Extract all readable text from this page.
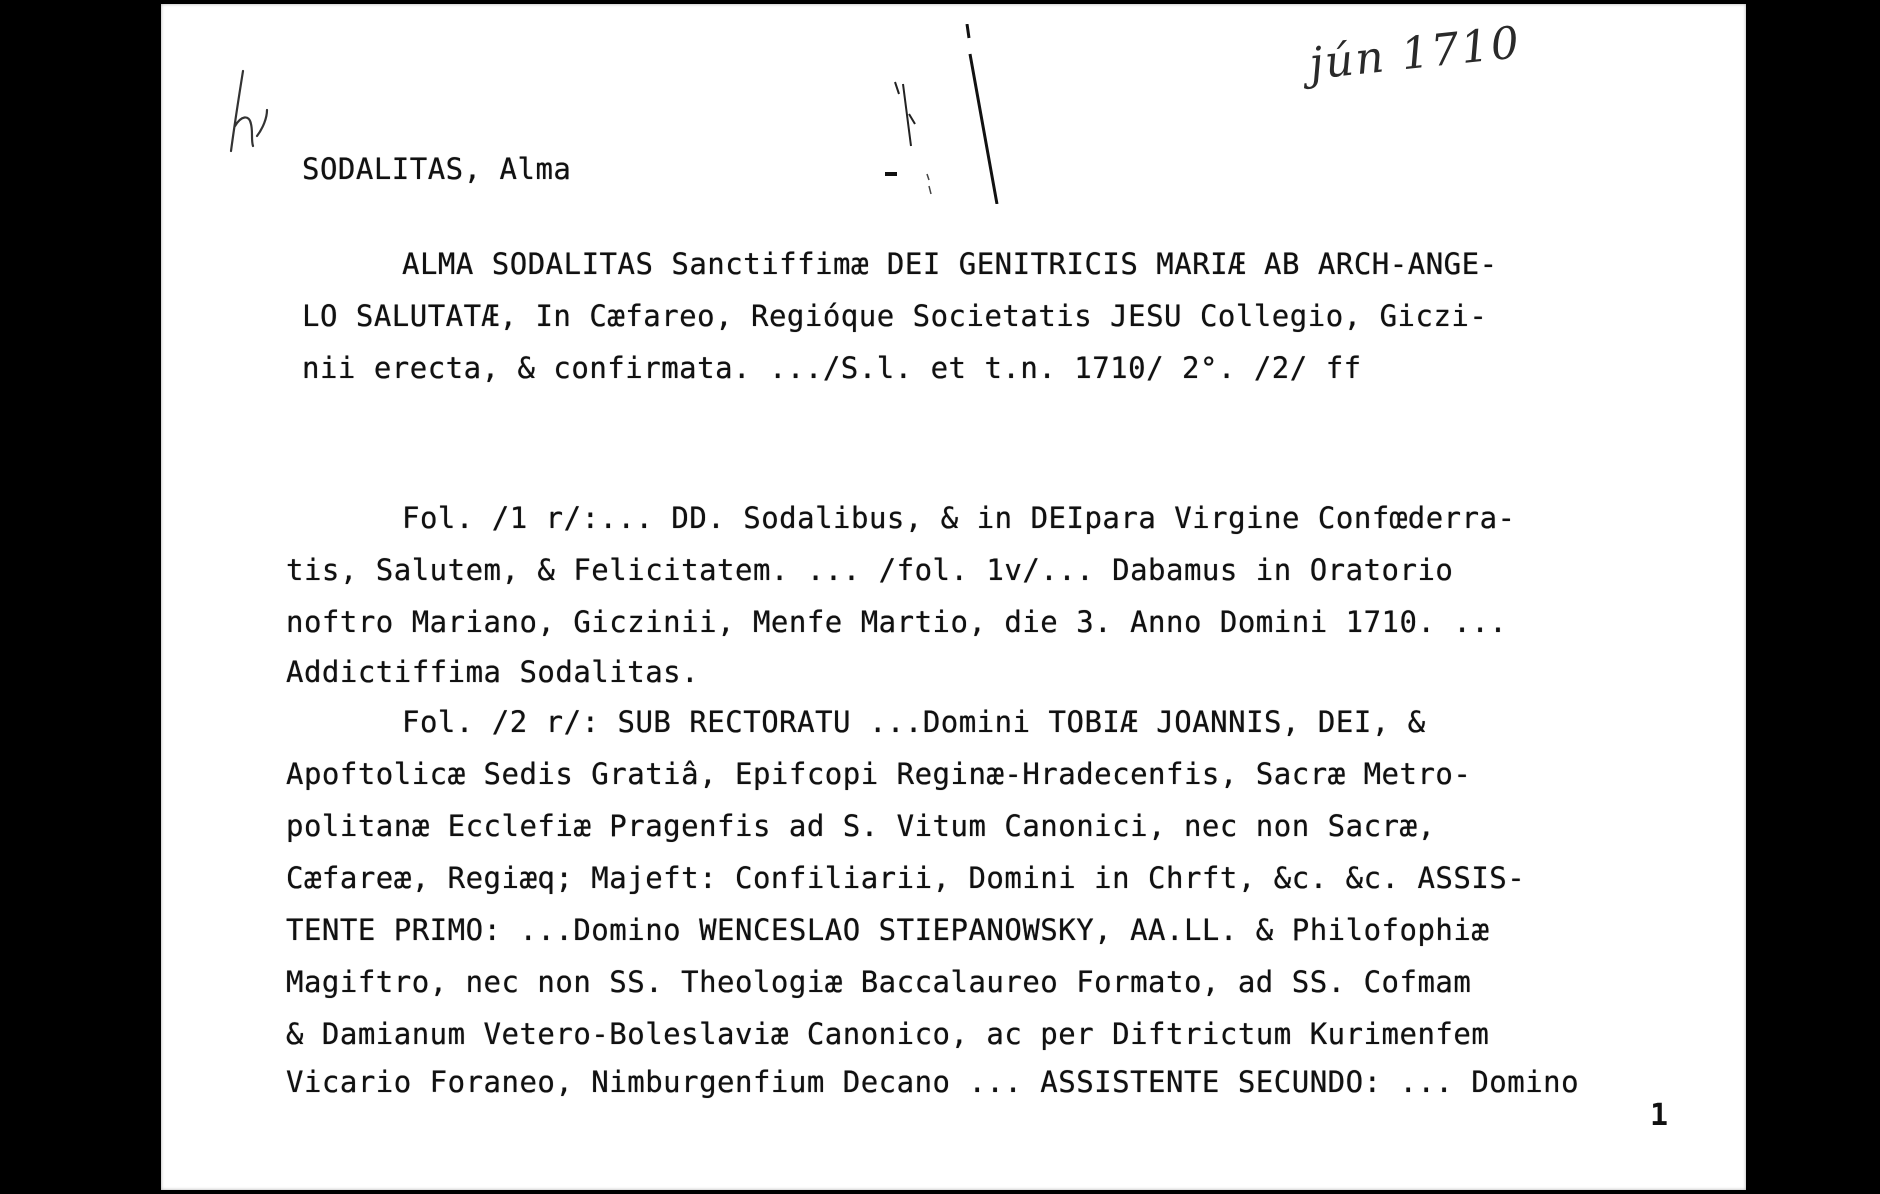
jún 1710
SODALITAS, Alma
ALMA SODALITAS Sanctiffimæ DEI GENITRICIS MARIÆ AB ARCH-ANGE-
LO SALUTATÆ, In Cæfareo, Regióque Societatis JESU Collegio, Giczi-
nii erecta, & confirmata. .../S.l. et t.n. 1710/ 2°. /2/ ff
Fol. /1 r/:... DD. Sodalibus, & in DEIpara Virgine Confœderra-
tis, Salutem, & Felicitatem. ... /fol. 1v/... Dabamus in Oratorio
noftro Mariano, Giczinii, Menfe Martio, die 3. Anno Domini 1710. ...
Addictiffima Sodalitas.
Fol. /2 r/: SUB RECTORATU ...Domini TOBIÆ JOANNIS, DEI, &
Apoftolicæ Sedis Gratiâ, Epifcopi Reginæ-Hradecenfis, Sacræ Metro-
politanæ Ecclefiæ Pragenfis ad S. Vitum Canonici, nec non Sacræ,
Cæfareæ, Regiæq; Majeft: Confiliarii, Domini in Chrft, &c. &c. ASSIS-
TENTE PRIMO: ...Domino WENCESLAO STIEPANOWSKY, AA.LL. & Philofophiæ
Magiftro, nec non SS. Theologiæ Baccalaureo Formato, ad SS. Cofmam
& Damianum Vetero-Boleslaviæ Canonico, ac per Diftrictum Kurimenfem
Vicario Foraneo, Nimburgenfium Decano ... ASSISTENTE SECUNDO: ... Domino
1
